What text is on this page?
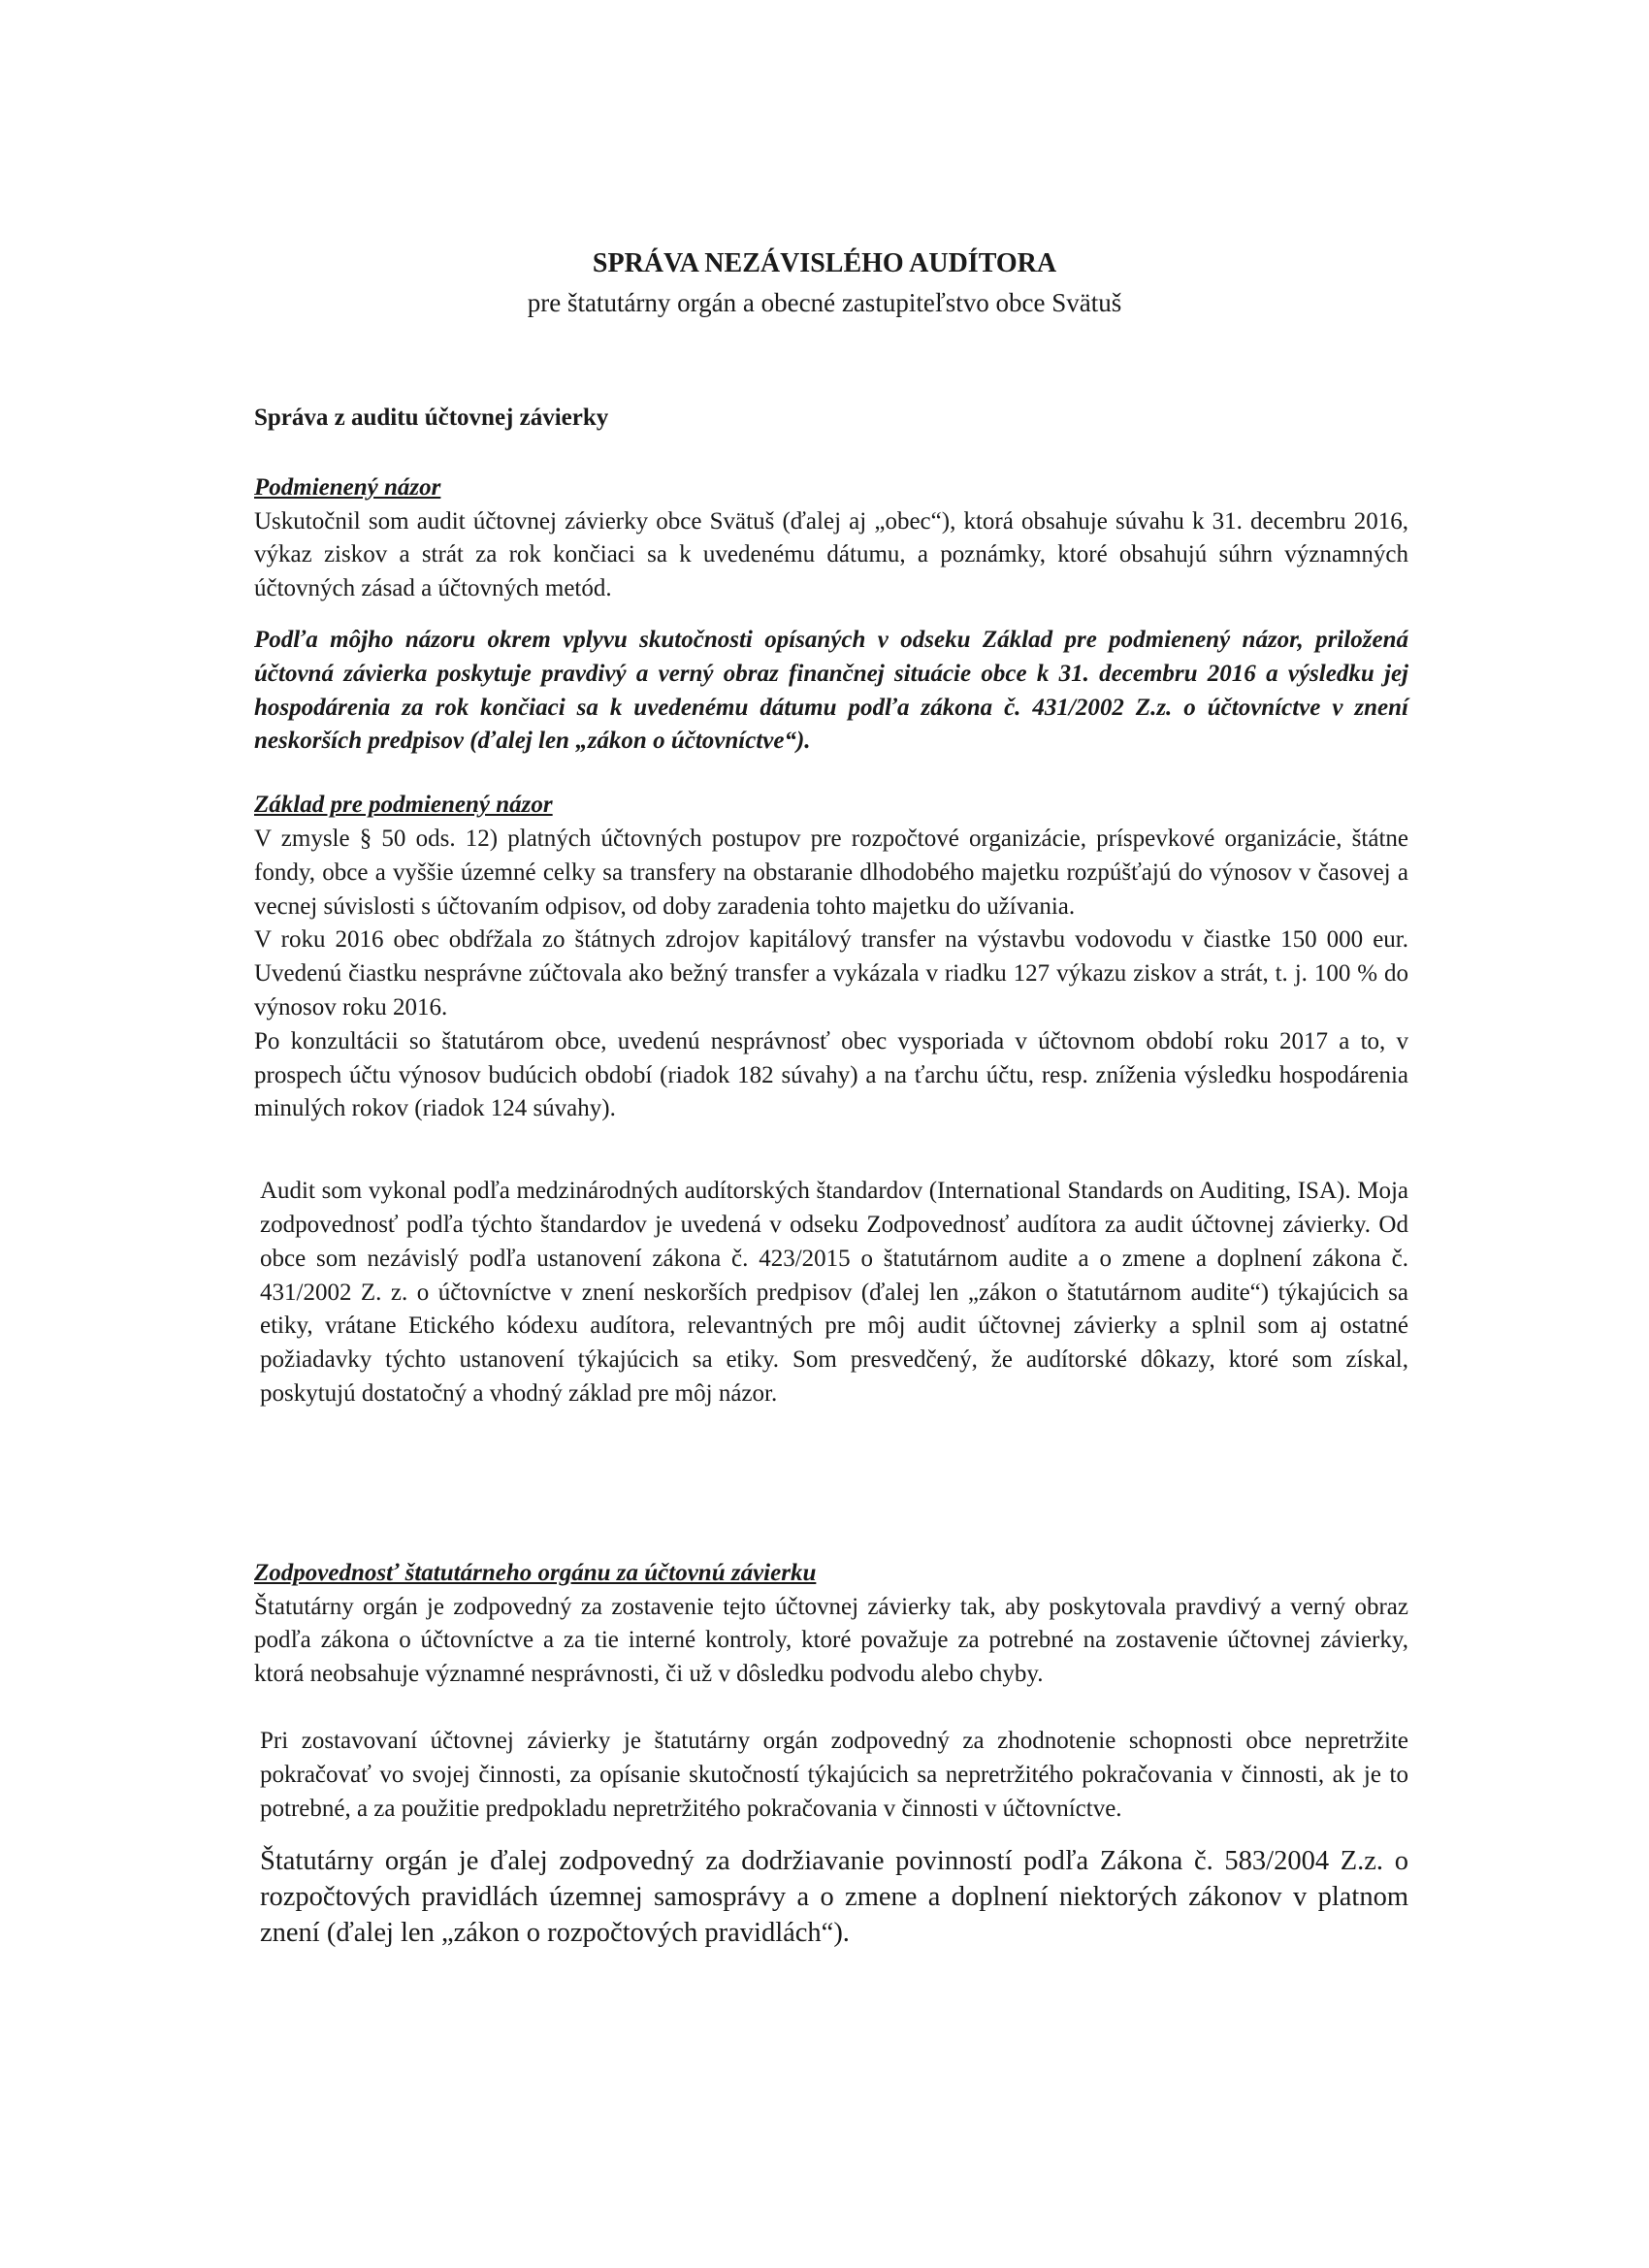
SPRÁVA NEZÁVISLÉHO AUDÍTORA
pre štatutárny orgán a obecné zastupiteľstvo obce Svätuš
Správa z auditu účtovnej závierky

Podmienený názor

Uskutočnil som audit účtovnej závierky obce Svätuš (ďalej aj „obec“), ktorá obsahuje súvahu k 31. decembru 2016, výkaz ziskov a strát za rok končiaci sa k uvedenému dátumu, a poznámky, ktoré obsahujú súhrn významných účtovných zásad a účtovných metód.

Podľa môjho názoru okrem vplyvu skutočnosti opísaných v odseku Základ pre podmienený názor, priložená účtovná závierka poskytuje pravdivý a verný obraz finančnej situácie obce k 31. decembru 2016 a výsledku jej hospodárenia za rok končiaci sa k uvedenému dátumu podľa zákona č. 431/2002 Z.z. o účtovníctve v znení neskorších predpisov (ďalej len „zákon o účtovníctve“).

Základ pre podmienený názor

V zmysle § 50 ods. 12) platných účtovných postupov pre rozpočtové organizácie, príspevkové organizácie, štátne fondy, obce a vyššie územné celky sa transfery na obstaranie dlhodobého majetku rozpúšťajú do výnosov v časovej a vecnej súvislosti s účtovaním odpisov, od doby zaradenia tohto majetku do užívania.

V roku 2016 obec obdŕžala zo štátnych zdrojov kapitálový transfer na výstavbu vodovodu v čiastke 150 000 eur. Uvedenú čiastku nesprávne zúčtovala ako bežný transfer a vykázala v riadku 127 výkazu ziskov a strát, t. j. 100 % do výnosov roku 2016.

Po konzultácii so štatutárom obce, uvedenú nesprávnosť obec vysporiada v účtovnom období roku 2017 a to, v prospech účtu výnosov budúcich období (riadok 182 súvahy) a na ťarchu účtu, resp. zníženia výsledku hospodárenia minulých rokov (riadok 124 súvahy).

Audit som vykonal podľa medzinárodných audítorských štandardov (International Standards on Auditing, ISA). Moja zodpovednosť podľa týchto štandardov je uvedená v odseku Zodpovednosť audítora za audit účtovnej závierky. Od obce som nezávislý podľa ustanovení zákona č. 423/2015 o štatutárnom audite a o zmene a doplnení zákona č. 431/2002 Z. z. o účtovníctve v znení neskorších predpisov (ďalej len „zákon o štatutárnom audite“) týkajúcich sa etiky, vrátane Etického kódexu audítora, relevantných pre môj audit účtovnej závierky a splnil som aj ostatné požiadavky týchto ustanovení týkajúcich sa etiky. Som presvedčený, že audítorské dôkazy, ktoré som získal, poskytujú dostatočný a vhodný základ pre môj názor.

Zodpovednosť štatutárneho orgánu za účtovnú závierku

Štatutárny orgán je zodpovedný za zostavenie tejto účtovnej závierky tak, aby poskytovala pravdivý a verný obraz podľa zákona o účtovníctve a za tie interné kontroly, ktoré považuje za potrebné na zostavenie účtovnej závierky, ktorá neobsahuje významné nesprávnosti, či už v dôsledku podvodu alebo chyby.

Pri zostavovaní účtovnej závierky je štatutárny orgán zodpovedný za zhodnotenie schopnosti obce nepretržite pokračovať vo svojej činnosti, za opísanie skutočností týkajúcich sa nepretržitého pokračovania v činnosti, ak je to potrebné, a za použitie predpokladu nepretržitého pokračovania v činnosti v účtovníctve.
Štatutárny orgán je ďalej zodpovedný za dodržiavanie povinností podľa Zákona č. 583/2004 Z.z. o rozpočtových pravidlách územnej samosprávy a o zmene a doplnení niektorých zákonov v platnom znení (ďalej len „zákon o rozpočtových pravidlách“).
